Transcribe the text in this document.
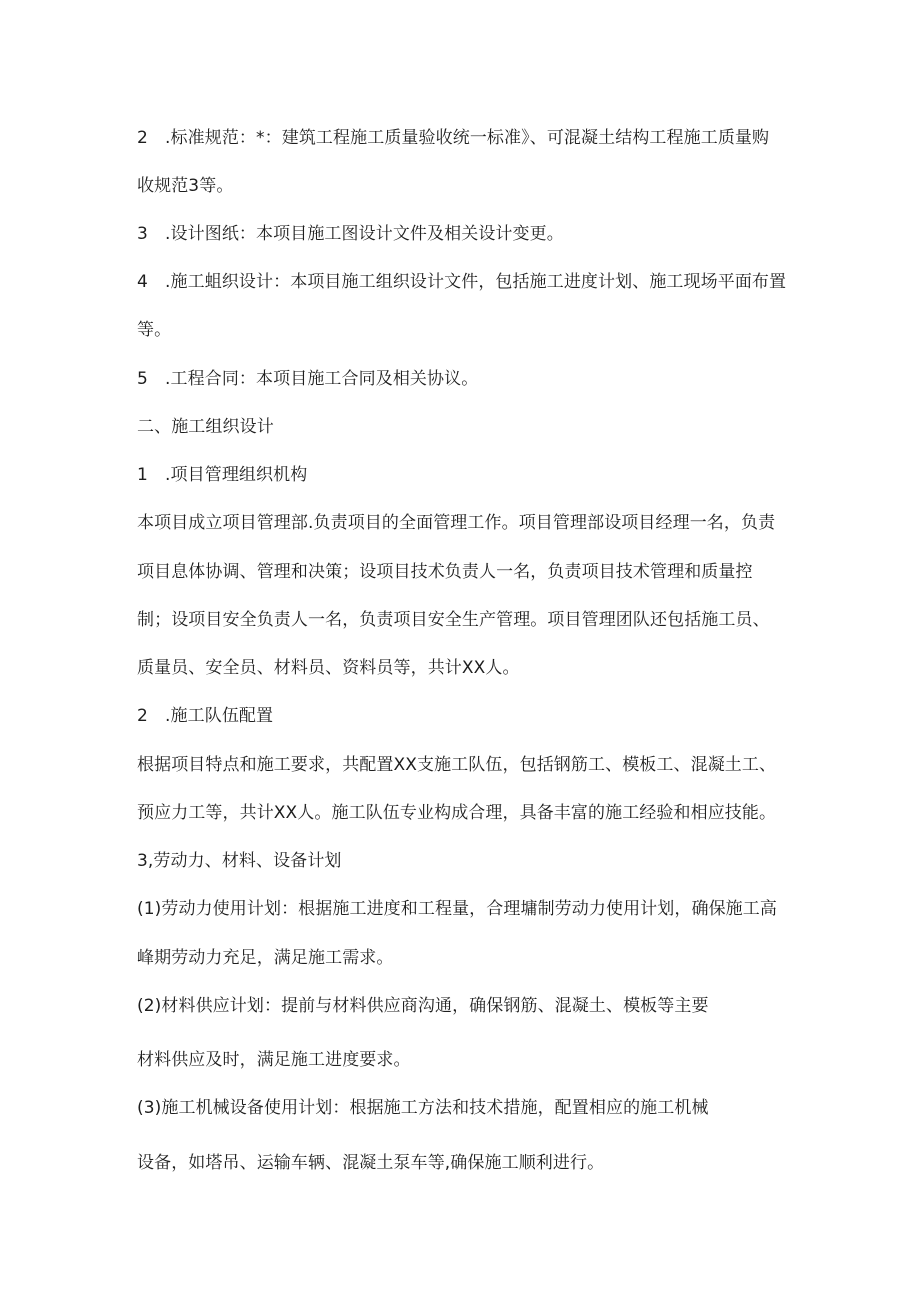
2　.标准规范：*：建筑工程施工质量验收统一标准》、可混凝土结构工程施工质量购

收规范3等。

3　.设计图纸：本项目施工图设计文件及相关设计变更。

4　.施工蛆织设计：本项目施工组织设计文件，包括施工进度计划、施工现场平面布置

等。

5　.工程合同：本项目施工合同及相关协议。

二、施工组织设计

1　.项目管理组织机构

本项目成立项目管理部.负责项目的全面管理工作。项目管理部设项目经理一名，负责

项目息体协调、管理和决策；设项目技术负责人一名，负责项目技术管理和质量控

制；设项目安全负责人一名，负责项目安全生产管理。项目管理团队还包括施工员、

质量员、安全员、材料员、资料员等，共计XX人。

2　.施工队伍配置

根据项目特点和施工要求，共配置XX支施工队伍，包括钢筋工、模板工、混凝土工、

预应力工等，共计XX人。施工队伍专业构成合理，具备丰富的施工经验和相应技能。

3,劳动力、材料、设备计划

(1)劳动力使用计划：根据施工进度和工程量，合理墉制劳动力使用计划，确保施工高

峰期劳动力充足，满足施工需求。

(2)材料供应计划：提前与材料供应商沟通，确保钢筋、混凝土、模板等主要

材料供应及时，满足施工进度要求。

(3)施工机械设备使用计划：根据施工方法和技术措施，配置相应的施工机械

设备，如塔吊、运输车辆、混凝土泵车等,确保施工顺利进行。
